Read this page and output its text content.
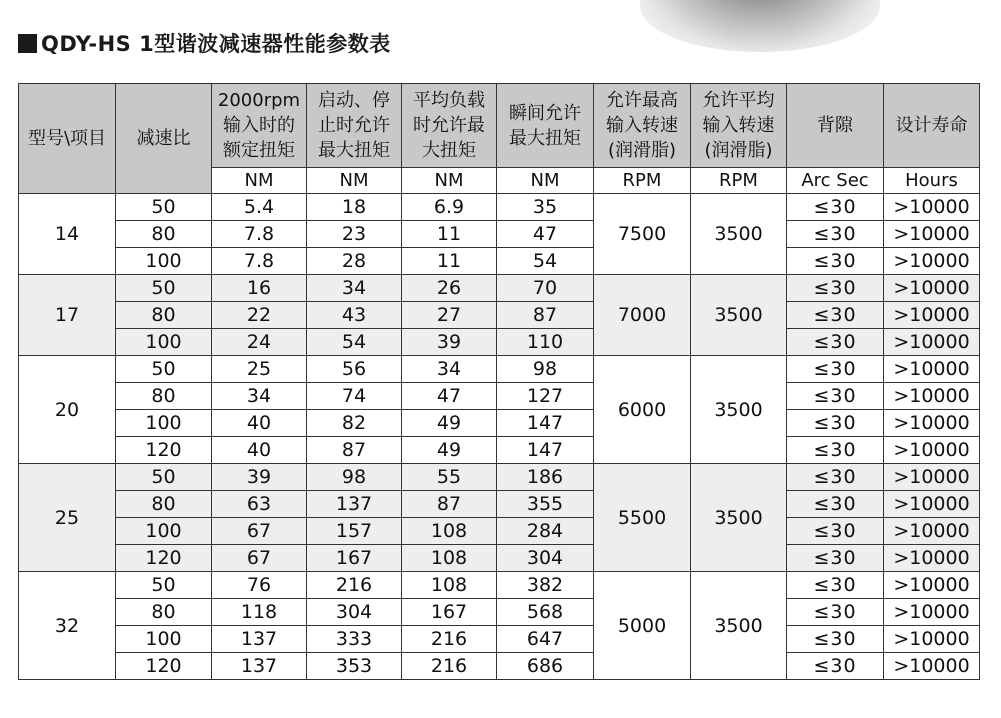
QDY-HS 1型谐波减速器性能参数表
型号\项目	减速比	2000rpm
输入时的
额定扭矩	启动、停
止时允许
最大扭矩	平均负载
时允许最
大扭矩	瞬间允许
最大扭矩	允许最高
输入转速
(润滑脂)	允许平均
输入转速
(润滑脂)	背隙	设计寿命
		NM	NM	NM	NM	RPM	RPM	Arc Sec	Hours
14	50	5.4	18	6.9	35	7500	3500	≤30	>10000
	80	7.8	23	11	47			≤30	>10000
	100	7.8	28	11	54			≤30	>10000
17	50	16	34	26	70	7000	3500	≤30	>10000
	80	22	43	27	87			≤30	>10000
	100	24	54	39	110			≤30	>10000
20	50	25	56	34	98	6000	3500	≤30	>10000
	80	34	74	47	127			≤30	>10000
	100	40	82	49	147			≤30	>10000
	120	40	87	49	147			≤30	>10000
25	50	39	98	55	186	5500	3500	≤30	>10000
	80	63	137	87	355			≤30	>10000
	100	67	157	108	284			≤30	>10000
	120	67	167	108	304			≤30	>10000
32	50	76	216	108	382	5000	3500	≤30	>10000
	80	118	304	167	568			≤30	>10000
	100	137	333	216	647			≤30	>10000
	120	137	353	216	686			≤30	>10000
